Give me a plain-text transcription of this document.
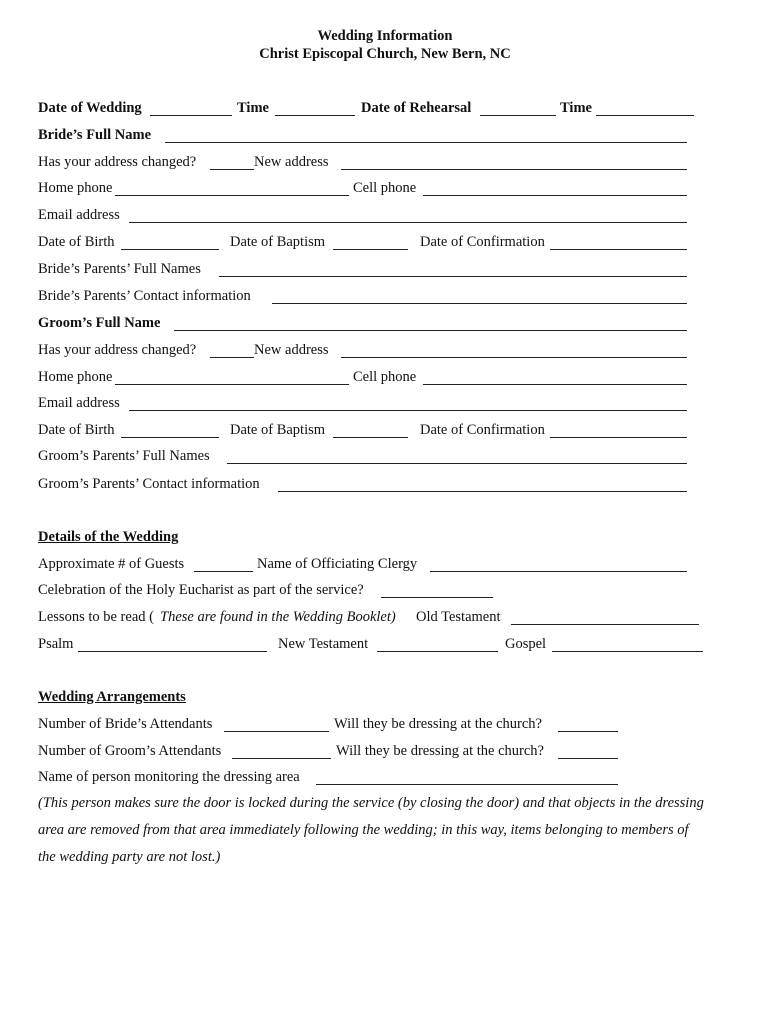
Wedding Information
Christ Episcopal Church, New Bern, NC
Date of Wedding	Time	Date of Rehearsal	Time
Bride’s Full Name
Has your address changed?	New address
Home phone	Cell phone
Email address
Date of Birth	Date of Baptism	Date of Confirmation
Bride’s Parents’ Full Names
Bride’s Parents’ Contact information
Groom’s Full Name
Has your address changed?	New address
Home phone	Cell phone
Email address
Date of Birth	Date of Baptism	Date of Confirmation
Groom’s Parents’ Full Names
Groom’s Parents’ Contact information
Details of the Wedding
Approximate # of Guests	Name of Officiating Clergy
Celebration of the Holy Eucharist as part of the service?
Lessons to be read ( These are found in the Wedding Booklet) Old Testament
Psalm	New Testament	Gospel
Wedding Arrangements
Number of Bride’s Attendants	Will they be dressing at the church?
Number of Groom’s Attendants	Will they be dressing at the church?
Name of person monitoring the dressing area
(This person makes sure the door is locked during the service (by closing the door) and that objects in the dressing
area are removed from that area immediately following the wedding; in this way, items belonging to members of
the wedding party are not lost.)
